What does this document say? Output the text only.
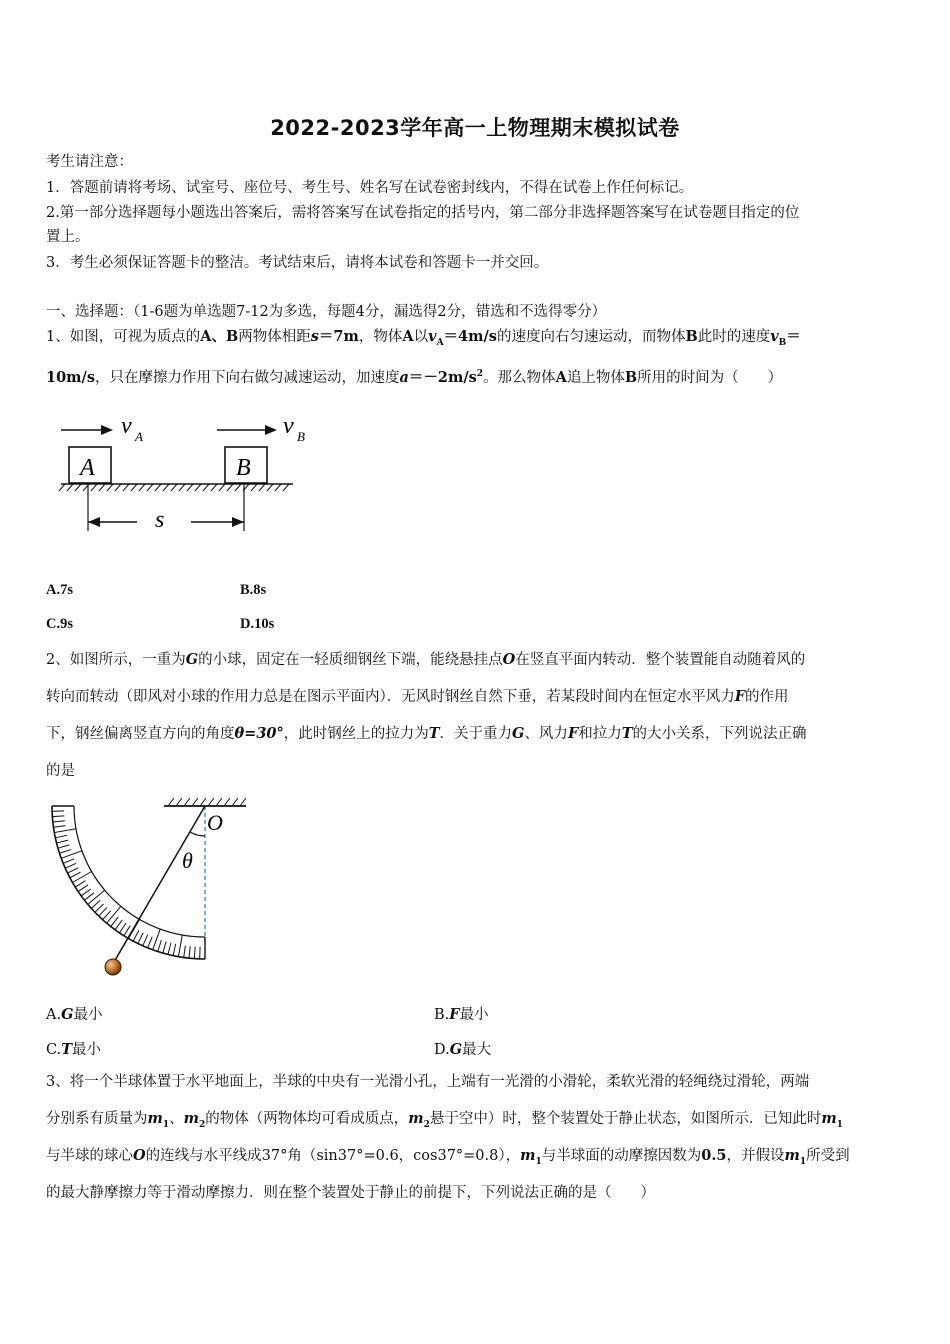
2022-2023学年高一上物理期末模拟试卷
考生请注意：
1．答题前请将考场、试室号、座位号、考生号、姓名写在试卷密封线内，不得在试卷上作任何标记。
2.第一部分选择题每小题选出答案后，需将答案写在试卷指定的括号内，第二部分非选择题答案写在试卷题目指定的位
置上。
3．考生必须保证答题卡的整洁。考试结束后，请将本试卷和答题卡一并交回。
一、选择题：（1-6题为单选题7-12为多选，每题4分，漏选得2分，错选和不选得零分）
1、如图，可视为质点的A、B两物体相距s＝7m，物体A以$v_A=4m/s$的速度向右匀速运动，而物体B此时的速度$v_B=$
10m/s，只在摩擦力作用下向右做匀减速运动，加速度$a=-2m/s^2$。那么物体A追上物体B所用的时间为（　　）
v A	v B
A	B
s
A.7s	B.8s
C.9s	D.10s
2、如图所示，一重为G的小球，固定在一轻质细钢丝下端，能绕悬挂点O在竖直平面内转动．整个装置能自动随着风的
转向而转动（即风对小球的作用力总是在图示平面内）．无风时钢丝自然下垂，若某段时间内在恒定水平风力F的作用
下，钢丝偏离竖直方向的角度θ=30°，此时钢丝上的拉力为T．关于重力G、风力F和拉力T的大小关系，下列说法正确
的是
O
θ
A.G最小	B.F最小
C.T最小	D.G最大
3、将一个半球体置于水平地面上，半球的中央有一光滑小孔，上端有一光滑的小滑轮，柔软光滑的轻绳绕过滑轮，两端
分别系有质量为$m_1$、$m_2$的物体（两物体均可看成质点，$m_2$悬于空中）时，整个装置处于静止状态，如图所示．已知此时$m_1$
与半球的球心O的连线与水平线成37°角（sin37°=0.6，cos37°=0.8），$m_1$与半球面的动摩擦因数为0.5，并假设$m_1$所受到
的最大静摩擦力等于滑动摩擦力．则在整个装置处于静止的前提下，下列说法正确的是（　　）
